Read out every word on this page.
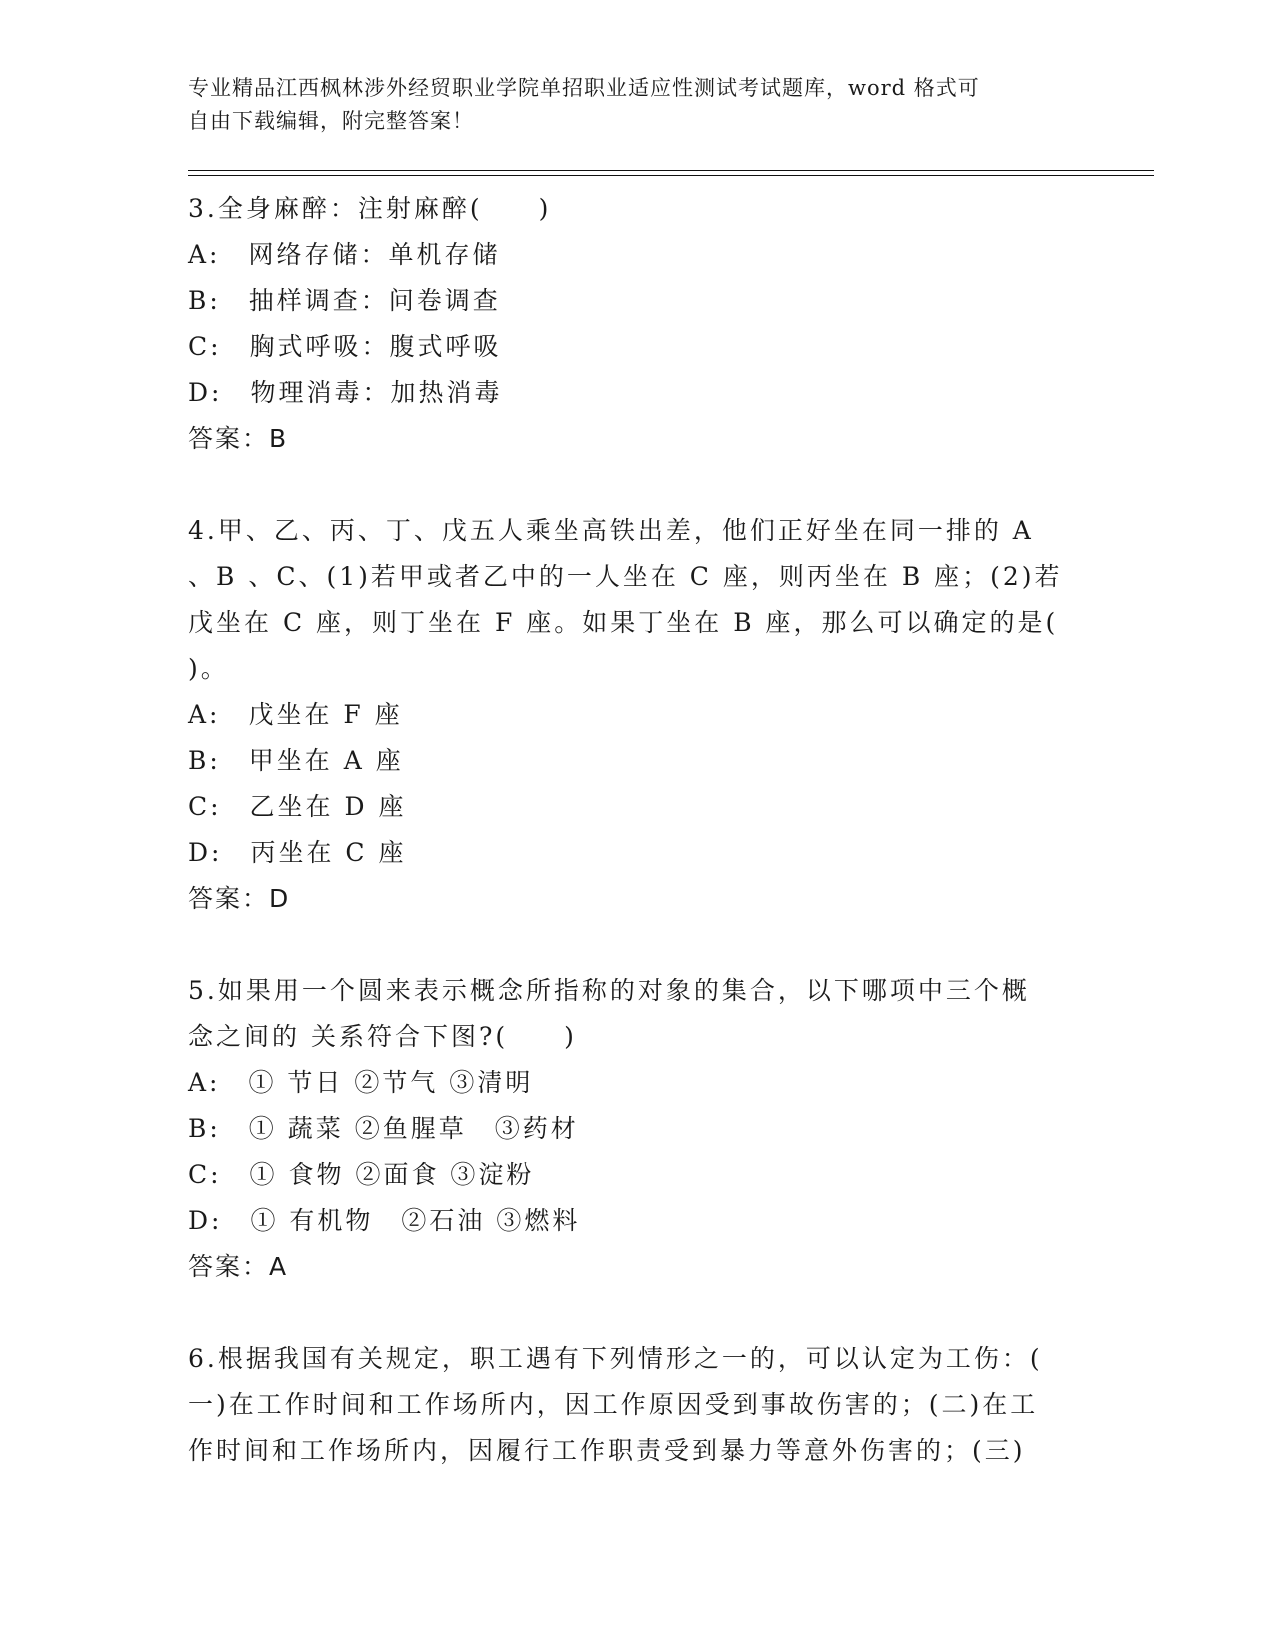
专业精品江西枫林涉外经贸职业学院单招职业适应性测试考试题库，word 格式可
自由下载编辑，附完整答案！
3.全身麻醉：注射麻醉(　　)
A:　网络存储：单机存储
B:　抽样调查：问卷调查
C:　胸式呼吸：腹式呼吸
D:　物理消毒：加热消毒
答案：B
4.甲、乙、丙、丁、戊五人乘坐高铁出差，他们正好坐在同一排的 A
、B 、C、(1)若甲或者乙中的一人坐在 C 座，则丙坐在 B 座；(2)若
戊坐在 C 座，则丁坐在 F 座。如果丁坐在 B 座，那么可以确定的是(
)。
A:　戊坐在 F 座
B:　甲坐在 A 座
C:　乙坐在 D 座
D:　丙坐在 C 座
答案：D
5.如果用一个圆来表示概念所指称的对象的集合，以下哪项中三个概
念之间的 关系符合下图?(　　)
A:　① 节日 ②节气 ③清明
B:　① 蔬菜 ②鱼腥草　③药材
C:　① 食物 ②面食 ③淀粉
D:　① 有机物　②石油 ③燃料
答案：A
6.根据我国有关规定，职工遇有下列情形之一的，可以认定为工伤：(
一)在工作时间和工作场所内，因工作原因受到事故伤害的；(二)在工
作时间和工作场所内，因履行工作职责受到暴力等意外伤害的；(三)
